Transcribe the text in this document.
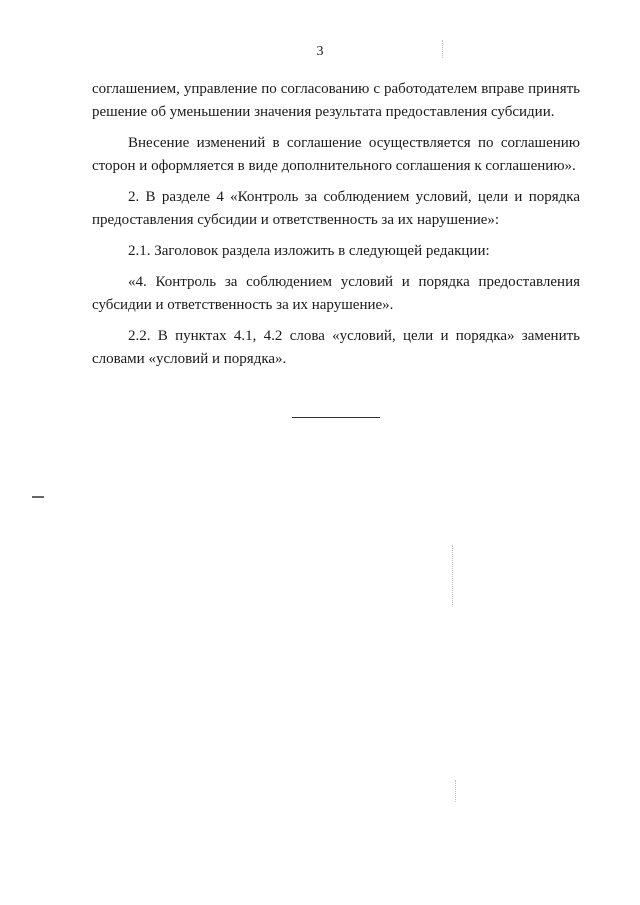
3

соглашением, управление по согласованию с работодателем вправе принять решение об уменьшении значения результата предоставления субсидии.

Внесение изменений в соглашение осуществляется по соглашению сторон и оформляется в виде дополнительного соглашения к соглашению».

2. В разделе 4 «Контроль за соблюдением условий, цели и порядка предоставления субсидии и ответственность за их нарушение»:

2.1. Заголовок раздела изложить в следующей редакции:

«4. Контроль за соблюдением условий и порядка предоставления субсидии и ответственность за их нарушение».

2.2. В пунктах 4.1, 4.2 слова «условий, цели и порядка» заменить словами «условий и порядка».
